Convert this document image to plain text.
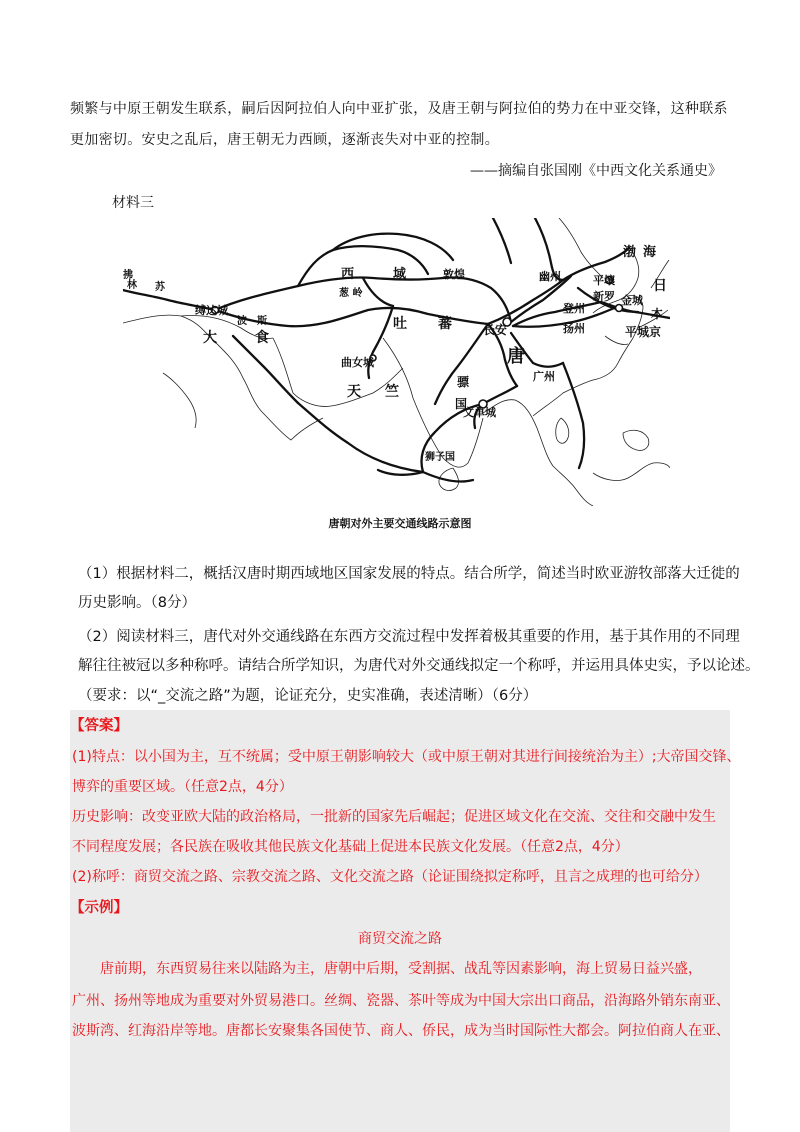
频繁与中原王朝发生联系，嗣后因阿拉伯人向中亚扩张，及唐王朝与阿拉伯的势力在中亚交锋，这种联系
更加密切。安史之乱后，唐王朝无力西顾，逐渐丧失对中亚的控制。
——摘编自张国刚《中西文化关系通史》
材料三
拂
林 苏
缚达城
大	食
波 斯
西	域
葱 岭
敦煌
吐 蕃	长安
唐
幽州
渤 海
平壤
新罗 金城
登州
扬州	平城京
日
本
广州
曲女城
天 竺
骠
国
文单城
狮子国
唐朝对外主要交通线路示意图
（1）根据材料二，概括汉唐时期西域地区国家发展的特点。结合所学，简述当时欧亚游牧部落大迁徙的
历史影响。（8分）
（2）阅读材料三，唐代对外交通线路在东西方交流过程中发挥着极其重要的作用，基于其作用的不同理
解往往被冠以多种称呼。请结合所学知识，为唐代对外交通线拟定一个称呼，并运用具体史实，予以论述。
（要求：以“_交流之路”为题，论证充分，史实准确，表述清晰）（6分）
【答案】
(1)特点：以小国为主，互不统属；受中原王朝影响较大（或中原王朝对其进行间接统治为主）;大帝国交锋、
博弈的重要区域。（任意2点，4分）
历史影响：改变亚欧大陆的政治格局，一批新的国家先后崛起；促进区域文化在交流、交往和交融中发生
不同程度发展；各民族在吸收其他民族文化基础上促进本民族文化发展。（任意2点，4分）
(2)称呼：商贸交流之路、宗教交流之路、文化交流之路（论证围绕拟定称呼，且言之成理的也可给分）
【示例】
商贸交流之路
唐前期，东西贸易往来以陆路为主，唐朝中后期，受割据、战乱等因素影响，海上贸易日益兴盛，
广州、扬州等地成为重要对外贸易港口。丝绸、瓷器、茶叶等成为中国大宗出口商品，沿海路外销东南亚、
波斯湾、红海沿岸等地。唐都长安聚集各国使节、商人、侨民，成为当时国际性大都会。阿拉伯商人在亚、
